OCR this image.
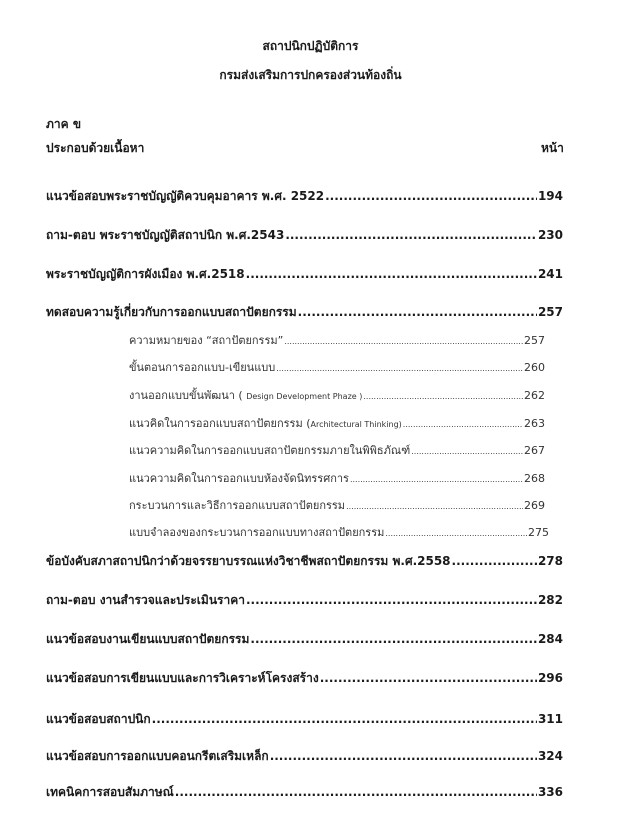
สถาปนิกปฏิบัติการ
กรมส่งเสริมการปกครองส่วนท้องถิ่น
ภาค ข
ประกอบด้วยเนื้อหา	หน้า
แนวข้อสอบพระราชบัญญัติควบคุมอาคาร พ.ศ. 2522 .....	194
ถาม-ตอบ พระราชบัญญัติสถาปนิก พ.ศ.2543 .....	230
พระราชบัญญัติการผังเมือง พ.ศ.2518 .....	241
ทดสอบความรู้เกี่ยวกับการออกแบบสถาปัตยกรรม .....	257
ความหมายของ “สถาปัตยกรรม” .....	257
ขั้นตอนการออกแบบ-เขียนแบบ .....	260
งานออกแบบขั้นพัฒนา ( Design Development Phaze ) .....	262
แนวคิดในการออกแบบสถาปัตยกรรม (Architectural Thinking) .....	263
แนวความคิดในการออกแบบสถาปัตยกรรมภายในพิพิธภัณฑ์ .....	267
แนวความคิดในการออกแบบห้องจัดนิทรรศการ .....	268
กระบวนการและวิธีการออกแบบสถาปัตยกรรม .....	269
แบบจำลองของกระบวนการออกแบบทางสถาปัตยกรรม .....	275
ข้อบังคับสภาสถาปนิกว่าด้วยจรรยาบรรณแห่งวิชาชีพสถาปัตยกรรม พ.ศ.2558 .....	278
ถาม-ตอบ งานสำรวจและประเมินราคา .....	282
แนวข้อสอบงานเขียนแบบสถาปัตยกรรม .....	284
แนวข้อสอบการเขียนแบบและการวิเคราะห์โครงสร้าง .....	296
แนวข้อสอบสถาปนิก .....	311
แนวข้อสอบการออกแบบคอนกรีตเสริมเหล็ก .....	324
เทคนิคการสอบสัมภาษณ์ .....	336
